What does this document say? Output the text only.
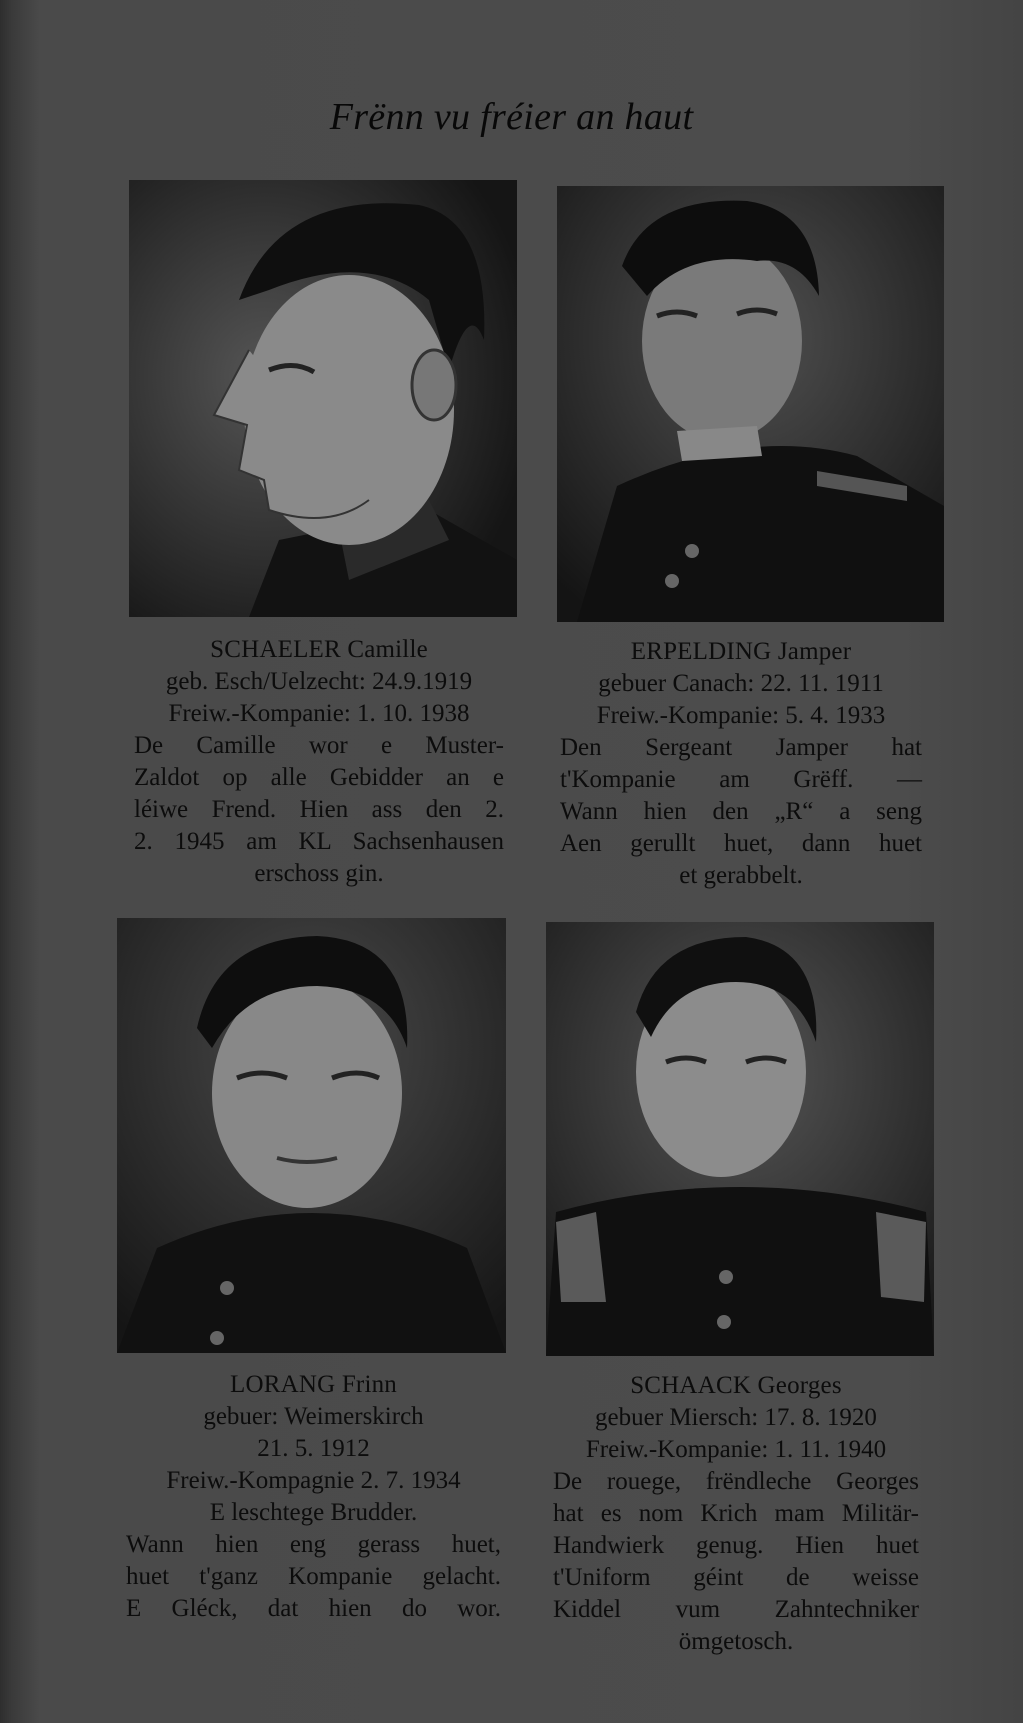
Frënn vu fréier an haut
SCHAELER Camille
geb. Esch/Uelzecht: 24.9.1919
Freiw.-Kompanie: 1. 10. 1938
De Camille wor e Muster-
Zaldot op alle Gebidder an e
léiwe Frend. Hien ass den 2.
2. 1945 am KL Sachsenhausen
erschoss gin.
ERPELDING Jamper
gebuer Canach: 22. 11. 1911
Freiw.-Kompanie: 5. 4. 1933
Den Sergeant Jamper hat
t'Kompanie am Grëff. —
Wann hien den „R“ a seng
Aen gerullt huet, dann huet
et gerabbelt.
LORANG Frinn
gebuer: Weimerskirch
21. 5. 1912
Freiw.-Kompagnie 2. 7. 1934
E leschtege Brudder.
Wann hien eng gerass huet,
huet t'ganz Kompanie gelacht.
E Gléck, dat hien do wor.
SCHAACK Georges
gebuer Miersch: 17. 8. 1920
Freiw.-Kompanie: 1. 11. 1940
De rouege, frëndleche Georges
hat es nom Krich mam Militär-
Handwierk genug. Hien huet
t'Uniform géint de weisse
Kiddel vum Zahntechniker
ömgetosch.
